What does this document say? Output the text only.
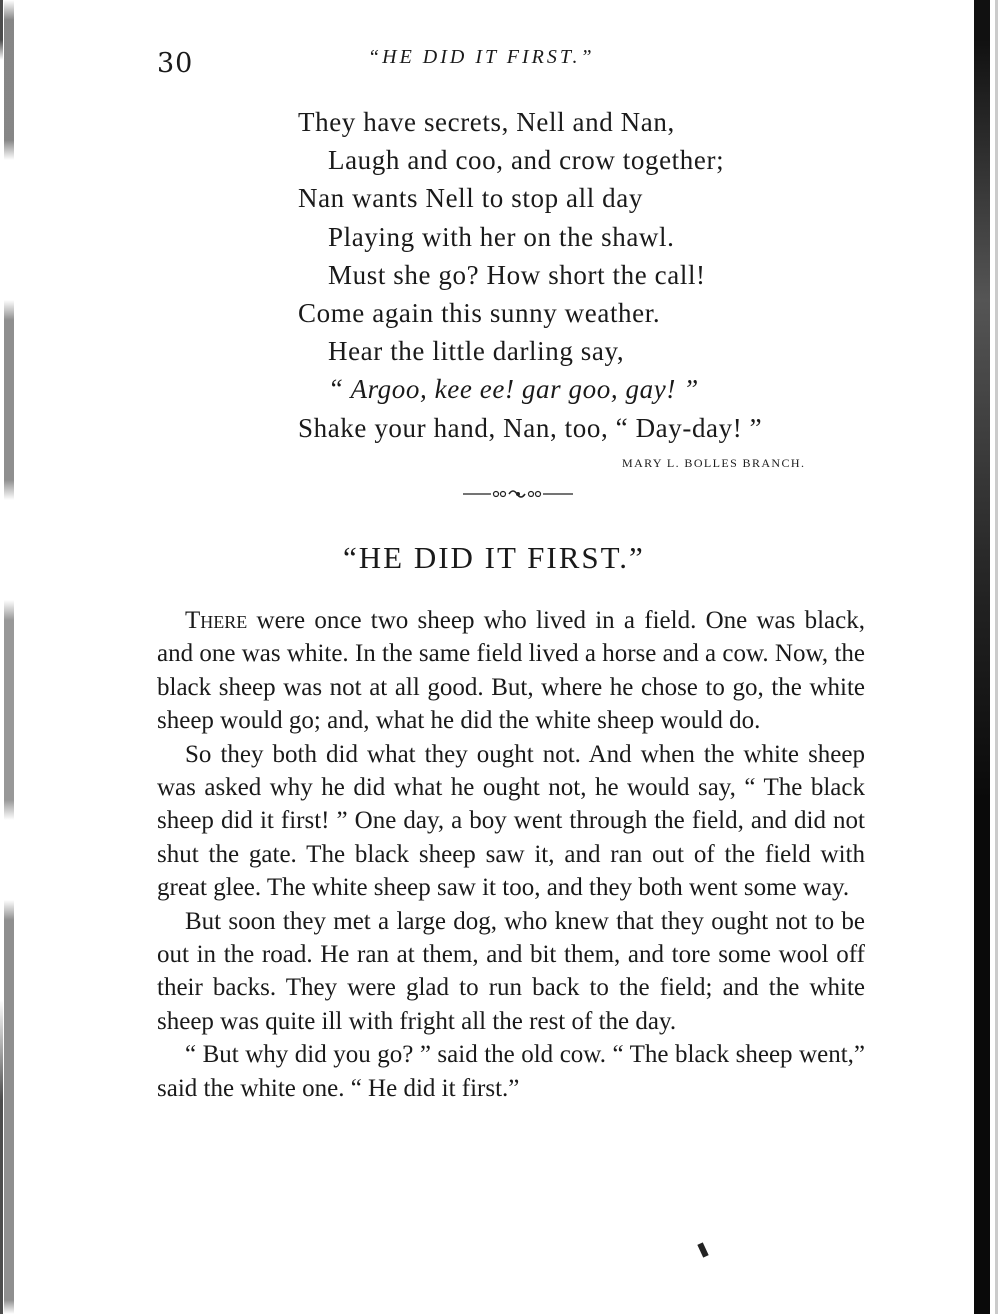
30	“HE DID IT FIRST.”
They have secrets, Nell and Nan,
Laugh and coo, and crow together;
Nan wants Nell to stop all day
Playing with her on the shawl.
Must she go? How short the call!
Come again this sunny weather.
Hear the little darling say,
“ Argoo, kee ee! gar goo, gay! ”
Shake your hand, Nan, too, “ Day-day! ”
MARY L. BOLLES BRANCH.
“HE DID IT FIRST.”

There were once two sheep who lived in a field. One was black, and one was white. In the same field lived a horse and a cow. Now, the black sheep was not at all good. But, where he chose to go, the white sheep would go; and, what he did the white sheep would do.

So they both did what they ought not. And when the white sheep was asked why he did what he ought not, he would say, “ The black sheep did it first! ” One day, a boy went through the field, and did not shut the gate. The black sheep saw it, and ran out of the field with great glee. The white sheep saw it too, and they both went some way.

But soon they met a large dog, who knew that they ought not to be out in the road. He ran at them, and bit them, and tore some wool off their backs. They were glad to run back to the field; and the white sheep was quite ill with fright all the rest of the day.

“ But why did you go? ” said the old cow. “ The black sheep went,” said the white one. “ He did it first.”
